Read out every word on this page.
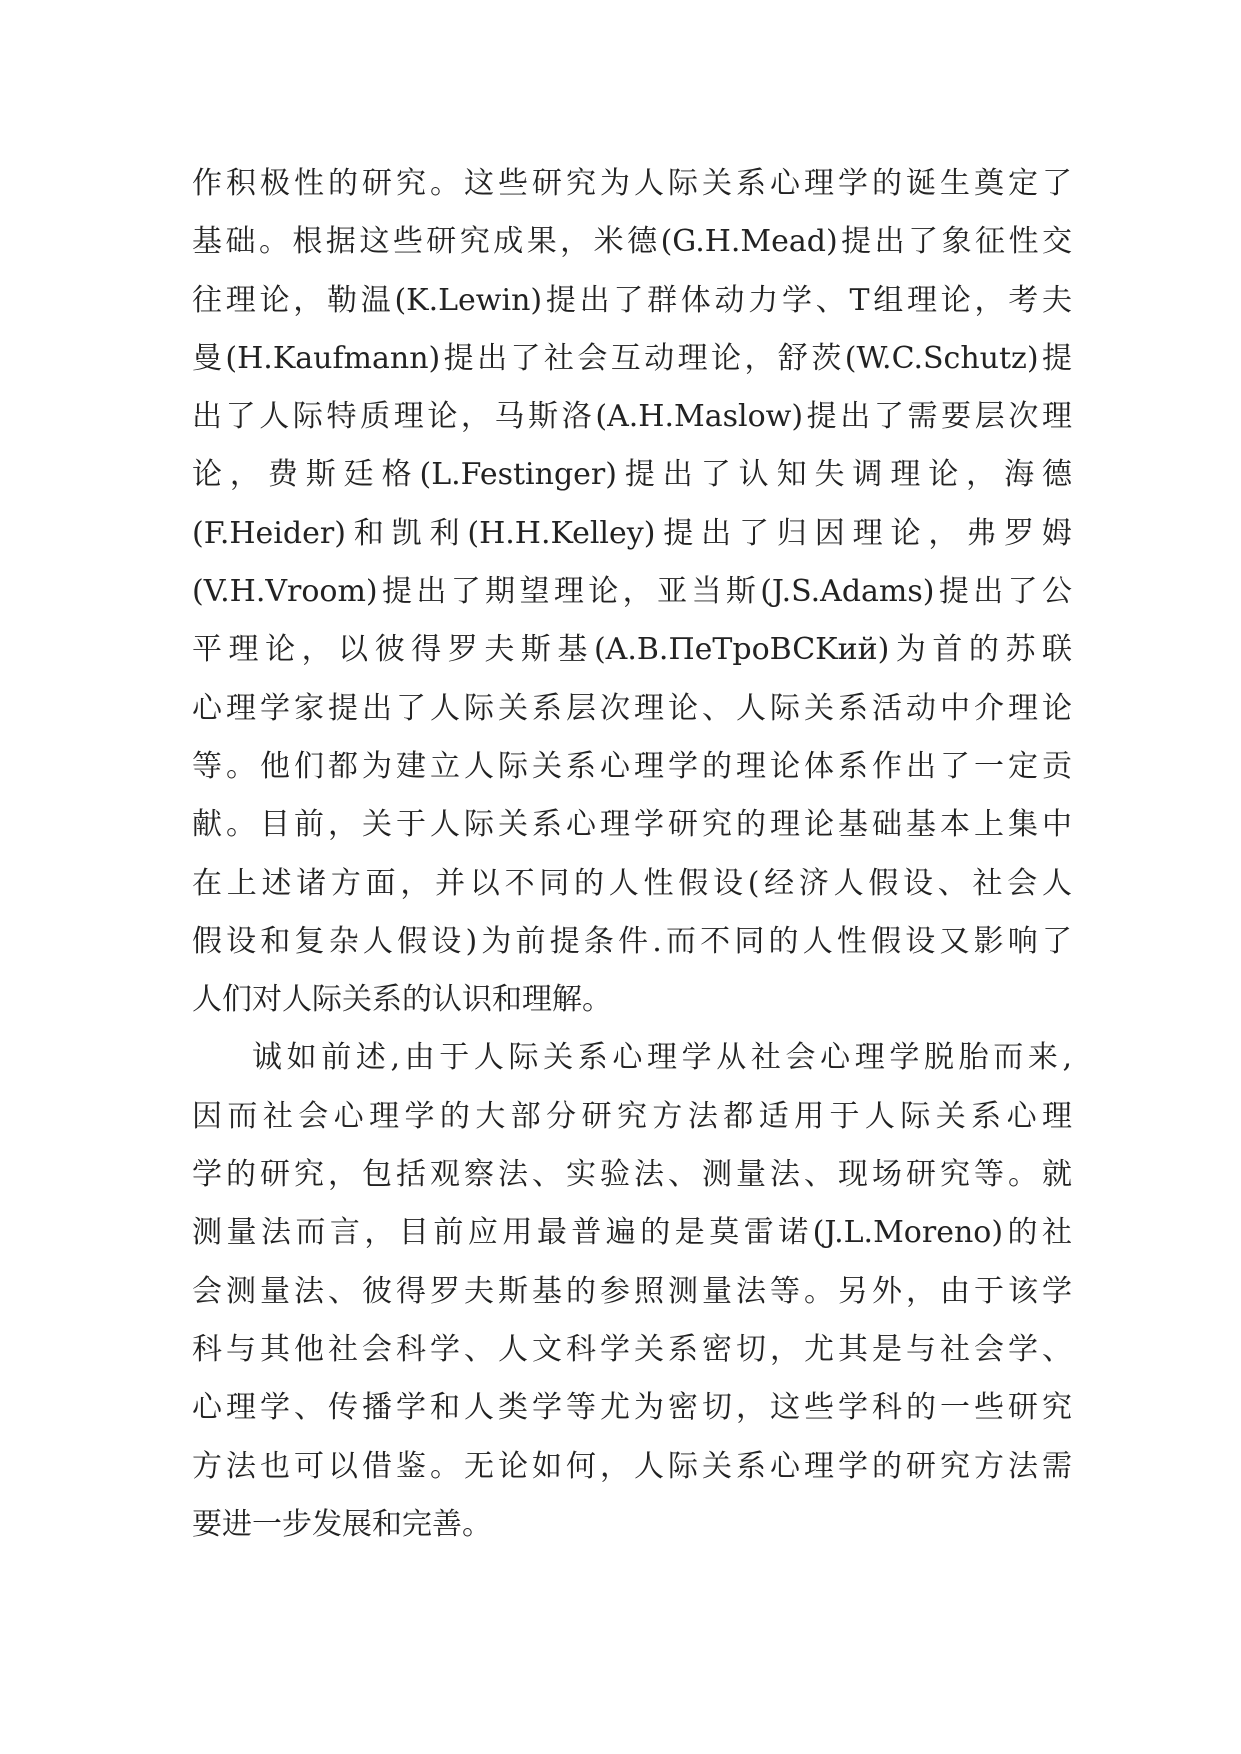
作积极性的研究。这些研究为人际关系心理学的诞生奠定了
基础。根据这些研究成果，米德(G.H.Mead)提出了象征性交
往理论，勒温(K.Lewin)提出了群体动力学、T组理论，考夫
曼(H.Kaufmann)提出了社会互动理论，舒茨(W.C.Schutz)提
出了人际特质理论，马斯洛(A.H.Maslow)提出了需要层次理
论，费斯廷格(L.Festinger)提出了认知失调理论，海德
(F.Heider)和凯利(H.H.Kelley)提出了归因理论，弗罗姆
(V.H.Vroom)提出了期望理论，亚当斯(J.S.Adams)提出了公
平理论，以彼得罗夫斯基(A.B.ПeTpoBCKий)为首的苏联
心理学家提出了人际关系层次理论、人际关系活动中介理论
等。他们都为建立人际关系心理学的理论体系作出了一定贡
献。目前，关于人际关系心理学研究的理论基础基本上集中
在上述诸方面，并以不同的人性假设(经济人假设、社会人
假设和复杂人假设)为前提条件.而不同的人性假设又影响了
人们对人际关系的认识和理解。
诚如前述,由于人际关系心理学从社会心理学脱胎而来,
因而社会心理学的大部分研究方法都适用于人际关系心理
学的研究，包括观察法、实验法、测量法、现场研究等。就
测量法而言，目前应用最普遍的是莫雷诺(J.L.Moreno)的社
会测量法、彼得罗夫斯基的参照测量法等。另外，由于该学
科与其他社会科学、人文科学关系密切，尤其是与社会学、
心理学、传播学和人类学等尤为密切，这些学科的一些研究
方法也可以借鉴。无论如何，人际关系心理学的研究方法需
要进一步发展和完善。
